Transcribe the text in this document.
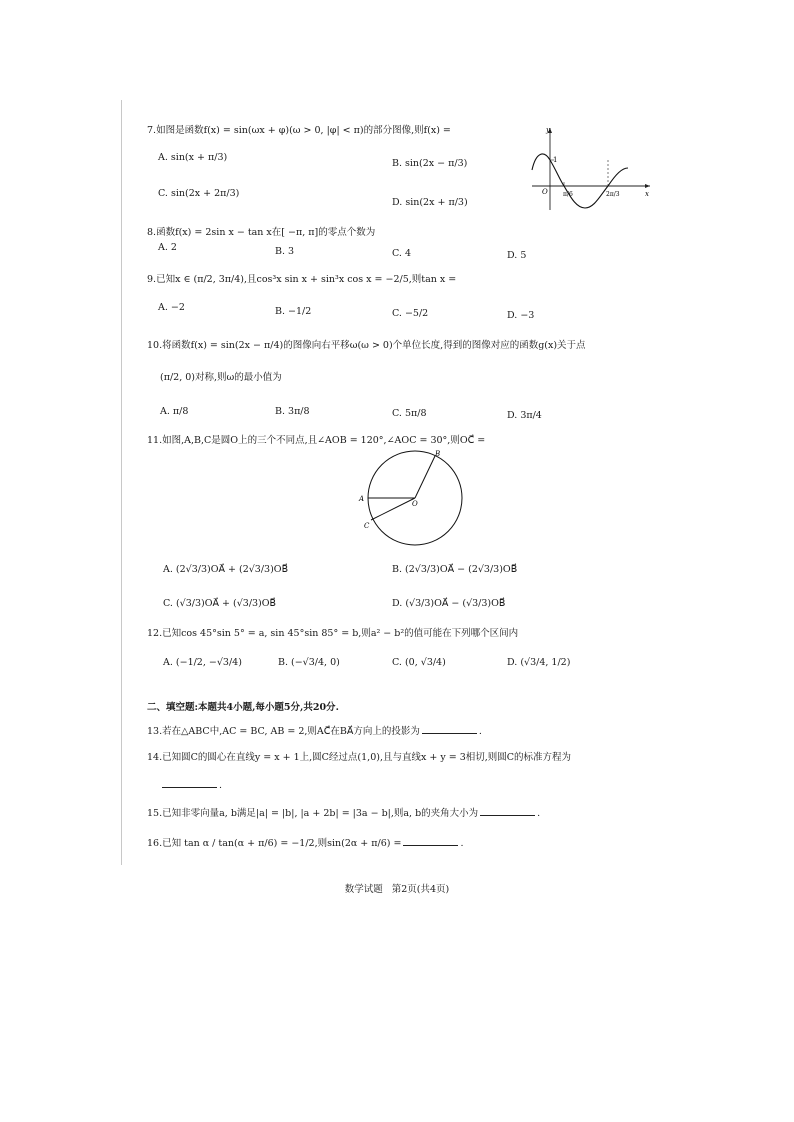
7.如图是函数f(x) = sin(ωx + φ)(ω > 0, |φ| < π)的部分图像,则f(x) =
A. sin(x + π/3)
B. sin(2x − π/3)
C. sin(2x + 2π/3)
D. sin(2x + π/3)
y
x
O
1
π/6	2π/3
8.函数f(x) = 2sin x − tan x在[ −π, π]的零点个数为
A. 2	B. 3	C. 4	D. 5
9.已知x ∈ (π/2, 3π/4),且cos³x sin x + sin³x cos x = −2/5,则tan x =
A. −2	B. −1/2	C. −5/2	D. −3
10.将函数f(x) = sin(2x − π/4)的图像向右平移ω(ω > 0)个单位长度,得到的图像对应的函数g(x)关于点
(π/2, 0)对称,则ω的最小值为
A. π/8	B. 3π/8	C. 5π/8	D. 3π/4
11.如图,A,B,C是圆O上的三个不同点,且∠AOB = 120°,∠AOC = 30°,则OC⃗ =
A
B
C
O
A. (2√3/3)OA⃗ + (2√3/3)OB⃗	B. (2√3/3)OA⃗ − (2√3/3)OB⃗
C. (√3/3)OA⃗ + (√3/3)OB⃗	D. (√3/3)OA⃗ − (√3/3)OB⃗
12.已知cos 45°sin 5° = a, sin 45°sin 85° = b,则a² − b²的值可能在下列哪个区间内
A. (−1/2, −√3/4)	B. (−√3/4, 0)	C. (0, √3/4)	D. (√3/4, 1/2)
二、填空题:本题共4小题,每小题5分,共20分.
13.若在△ABC中,AC = BC, AB = 2,则AC⃗在BA⃗方向上的投影为	.
14.已知圆C的圆心在直线y = x + 1上,圆C经过点(1,0),且与直线x + y = 3相切,则圆C的标准方程为
.
15.已知非零向量a, b满足|a| = |b|, |a + 2b| = |3a − b|,则a, b的夹角大小为	.
16.已知 tan α / tan(α + π/6) = −1/2,则sin(2α + π/6) =	.
数学试题 第2页(共4页)
